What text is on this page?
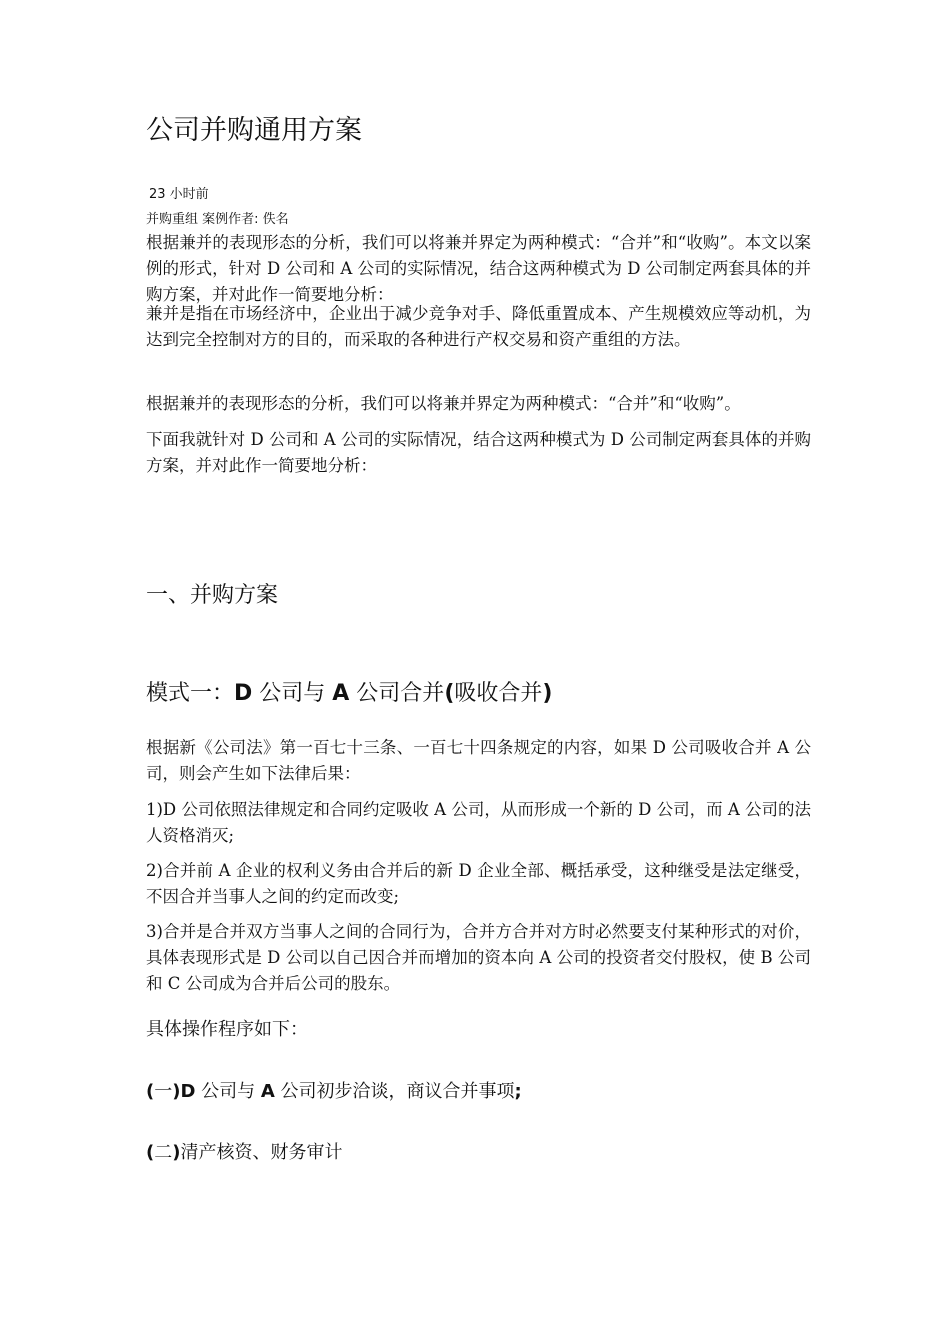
公司并购通用方案
23 小时前
并购重组 案例作者: 佚名

根据兼并的表现形态的分析，我们可以将兼并界定为两种模式：“合并”和“收购”。本文以案例的形式，针对 D 公司和 A 公司的实际情况，结合这两种模式为 D 公司制定两套具体的并购方案，并对此作一简要地分析：

兼并是指在市场经济中，企业出于减少竞争对手、降低重置成本、产生规模效应等动机，为达到完全控制对方的目的，而采取的各种进行产权交易和资产重组的方法。

根据兼并的表现形态的分析，我们可以将兼并界定为两种模式：“合并”和“收购”。

下面我就针对 D 公司和 A 公司的实际情况，结合这两种模式为 D 公司制定两套具体的并购方案，并对此作一简要地分析：

一、并购方案
模式一：D 公司与 A 公司合并(吸收合并)

根据新《公司法》第一百七十三条、一百七十四条规定的内容，如果 D 公司吸收合并 A 公司，则会产生如下法律后果：

1)D 公司依照法律规定和合同约定吸收 A 公司，从而形成一个新的 D 公司，而 A 公司的法人资格消灭;

2)合并前 A 企业的权利义务由合并后的新 D 企业全部、概括承受，这种继受是法定继受，不因合并当事人之间的约定而改变;

3)合并是合并双方当事人之间的合同行为，合并方合并对方时必然要支付某种形式的对价，具体表现形式是 D 公司以自己因合并而增加的资本向 A 公司的投资者交付股权，使 B 公司和 C 公司成为合并后公司的股东。

具体操作程序如下：

(一)D 公司与 A 公司初步洽谈，商议合并事项;

(二)清产核资、财务审计
